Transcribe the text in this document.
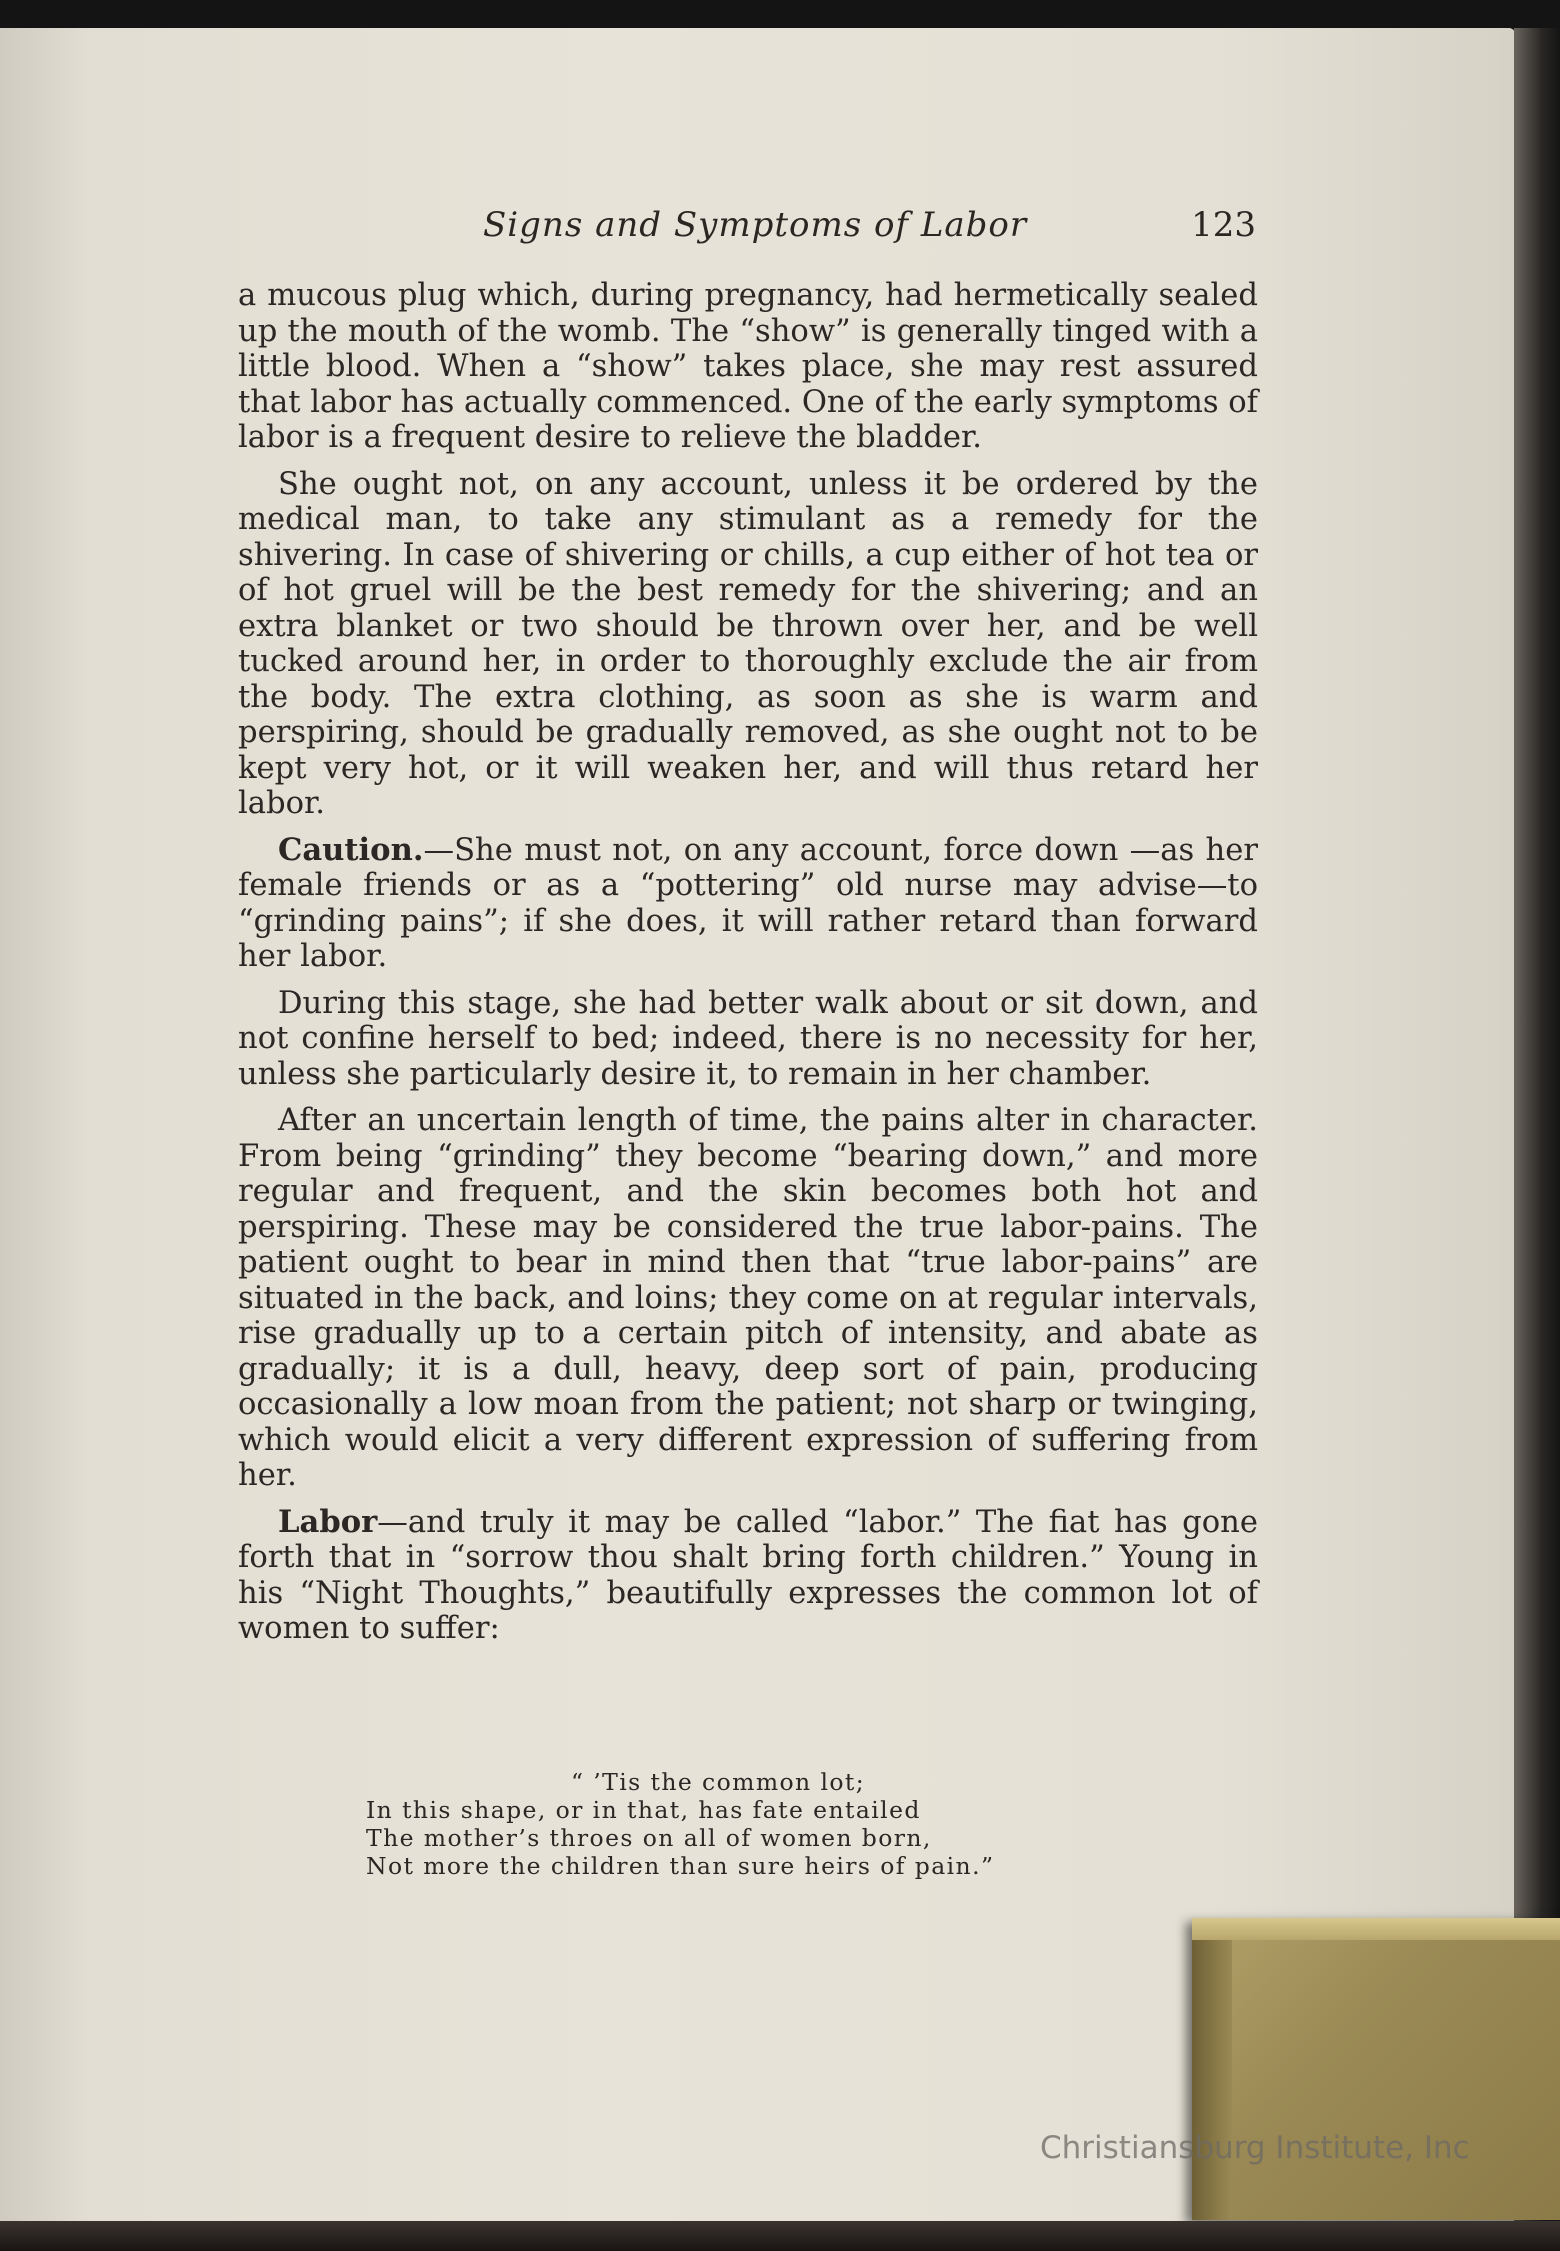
Signs and Symptoms of Labor	123

a mucous plug which, during pregnancy, had hermetically sealed up the mouth of the womb. The “show” is generally tinged with a little blood. When a “show” takes place, she may rest assured that labor has actually commenced. One of the early symptoms of labor is a frequent desire to relieve the bladder.

She ought not, on any account, unless it be ordered by the medical man, to take any stimulant as a remedy for the shivering. In case of shivering or chills, a cup either of hot tea or of hot gruel will be the best remedy for the shivering; and an extra blanket or two should be thrown over her, and be well tucked around her, in order to thoroughly exclude the air from the body. The extra clothing, as soon as she is warm and perspiring, should be gradually removed, as she ought not to be kept very hot, or it will weaken her, and will thus retard her labor.

Caution.—She must not, on any account, force down —as her female friends or as a “pottering” old nurse may advise—to “grinding pains”; if she does, it will rather retard than forward her labor.

During this stage, she had better walk about or sit down, and not confine herself to bed; indeed, there is no necessity for her, unless she particularly desire it, to remain in her chamber.

After an uncertain length of time, the pains alter in character. From being “grinding” they become “bearing down,” and more regular and frequent, and the skin becomes both hot and perspiring. These may be considered the true labor-pains. The patient ought to bear in mind then that “true labor-pains” are situated in the back, and loins; they come on at regular intervals, rise gradually up to a certain pitch of intensity, and abate as gradually; it is a dull, heavy, deep sort of pain, producing occasionally a low moan from the patient; not sharp or twinging, which would elicit a very different expression of suffering from her.

Labor—and truly it may be called “labor.” The fiat has gone forth that in “sorrow thou shalt bring forth children.” Young in his “Night Thoughts,” beautifully expresses the common lot of women to suffer:

“ ’Tis the common lot;
In this shape, or in that, has fate entailed
The mother’s throes on all of women born,
Not more the children than sure heirs of pain.”
Christiansburg Institute, Inc
